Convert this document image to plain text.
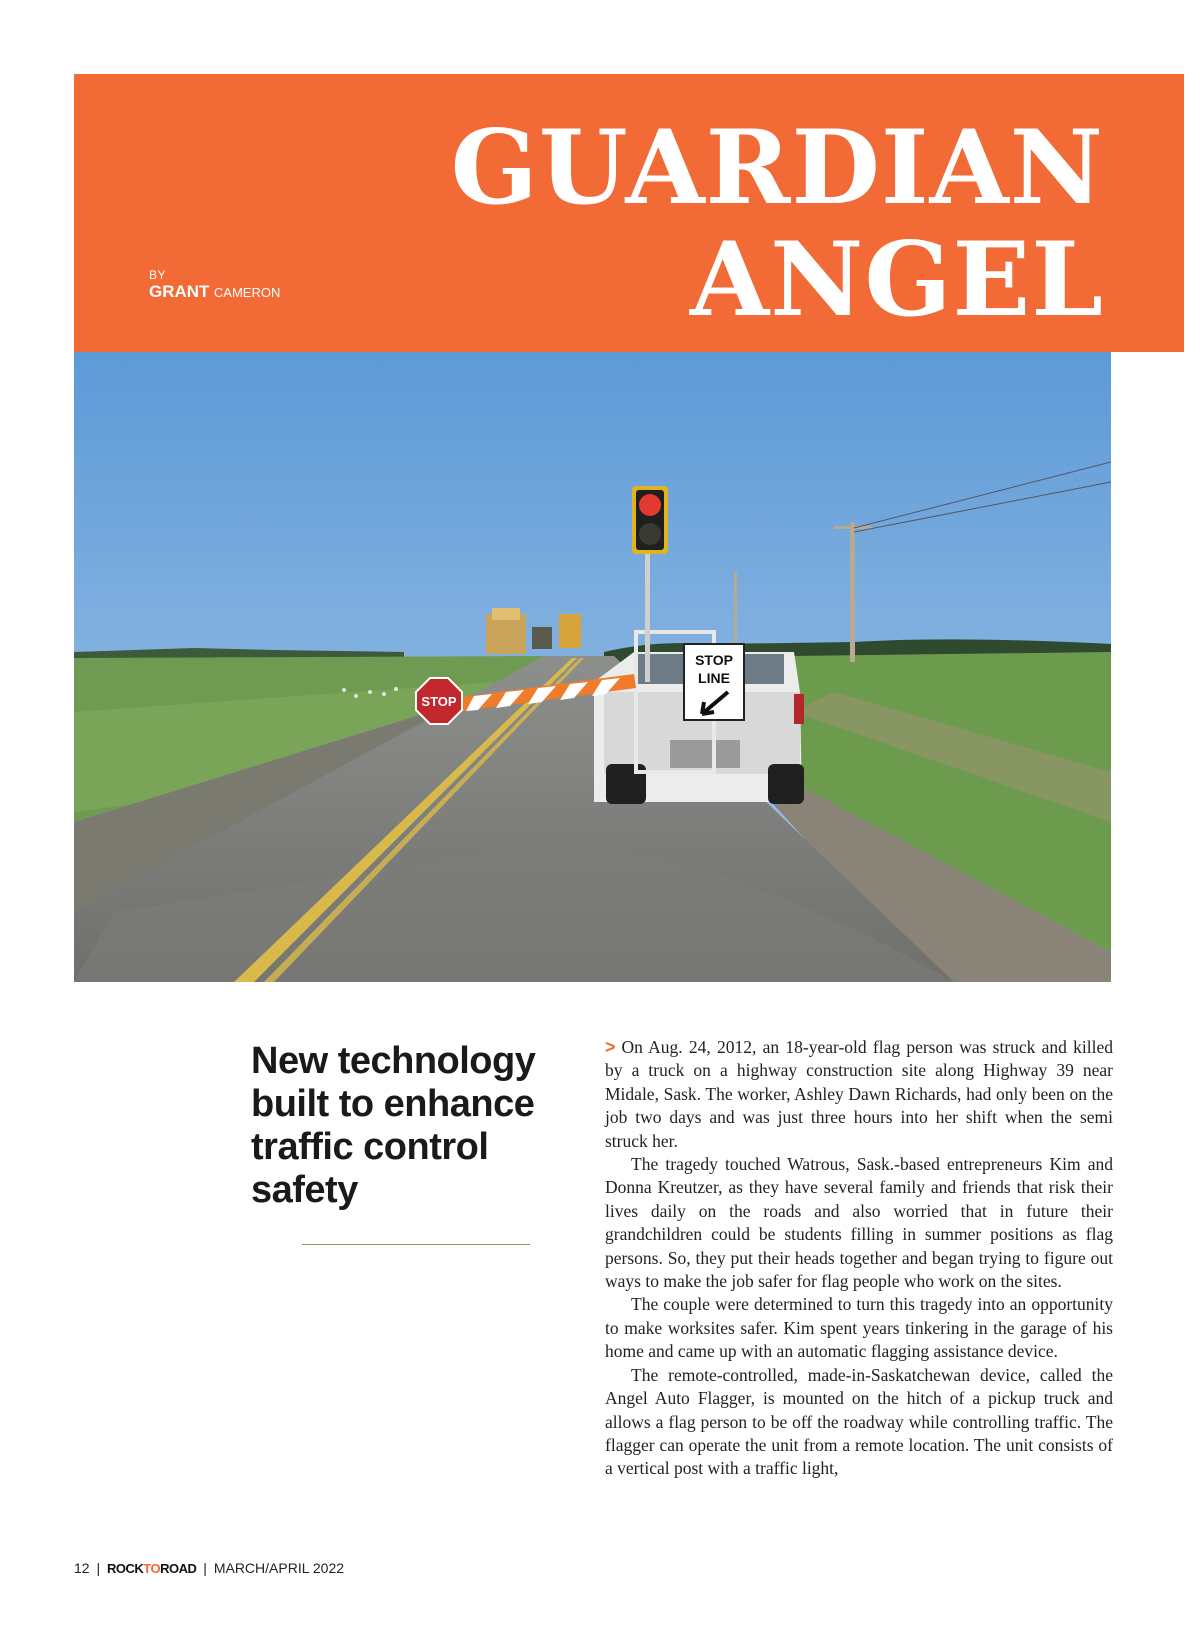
GUARDIAN
ANGEL
BY
GRANT CAMERON
STOP
STOP
LINE
New technology built to enhance traffic control safety

> On Aug. 24, 2012, an 18-year-old flag person was struck and killed by a truck on a highway construction site along Highway 39 near Midale, Sask. The worker, Ashley Dawn Richards, had only been on the job two days and was just three hours into her shift when the semi struck her.

The tragedy touched Watrous, Sask.-based entrepreneurs Kim and Donna Kreutzer, as they have several family and friends that risk their lives daily on the roads and also worried that in future their grandchildren could be students filling in summer positions as flag persons. So, they put their heads together and began trying to figure out ways to make the job safer for flag people who work on the sites.

The couple were determined to turn this tragedy into an opportunity to make worksites safer. Kim spent years tinkering in the garage of his home and came up with an automatic flagging assistance device.

The remote-controlled, made-in-Saskatchewan device, called the Angel Auto Flagger, is mounted on the hitch of a pickup truck and allows a flag person to be off the roadway while controlling traffic. The flagger can operate the unit from a remote location. The unit consists of a vertical post with a traffic light,

12 | ROCKTOROAD | MARCH/APRIL 2022
